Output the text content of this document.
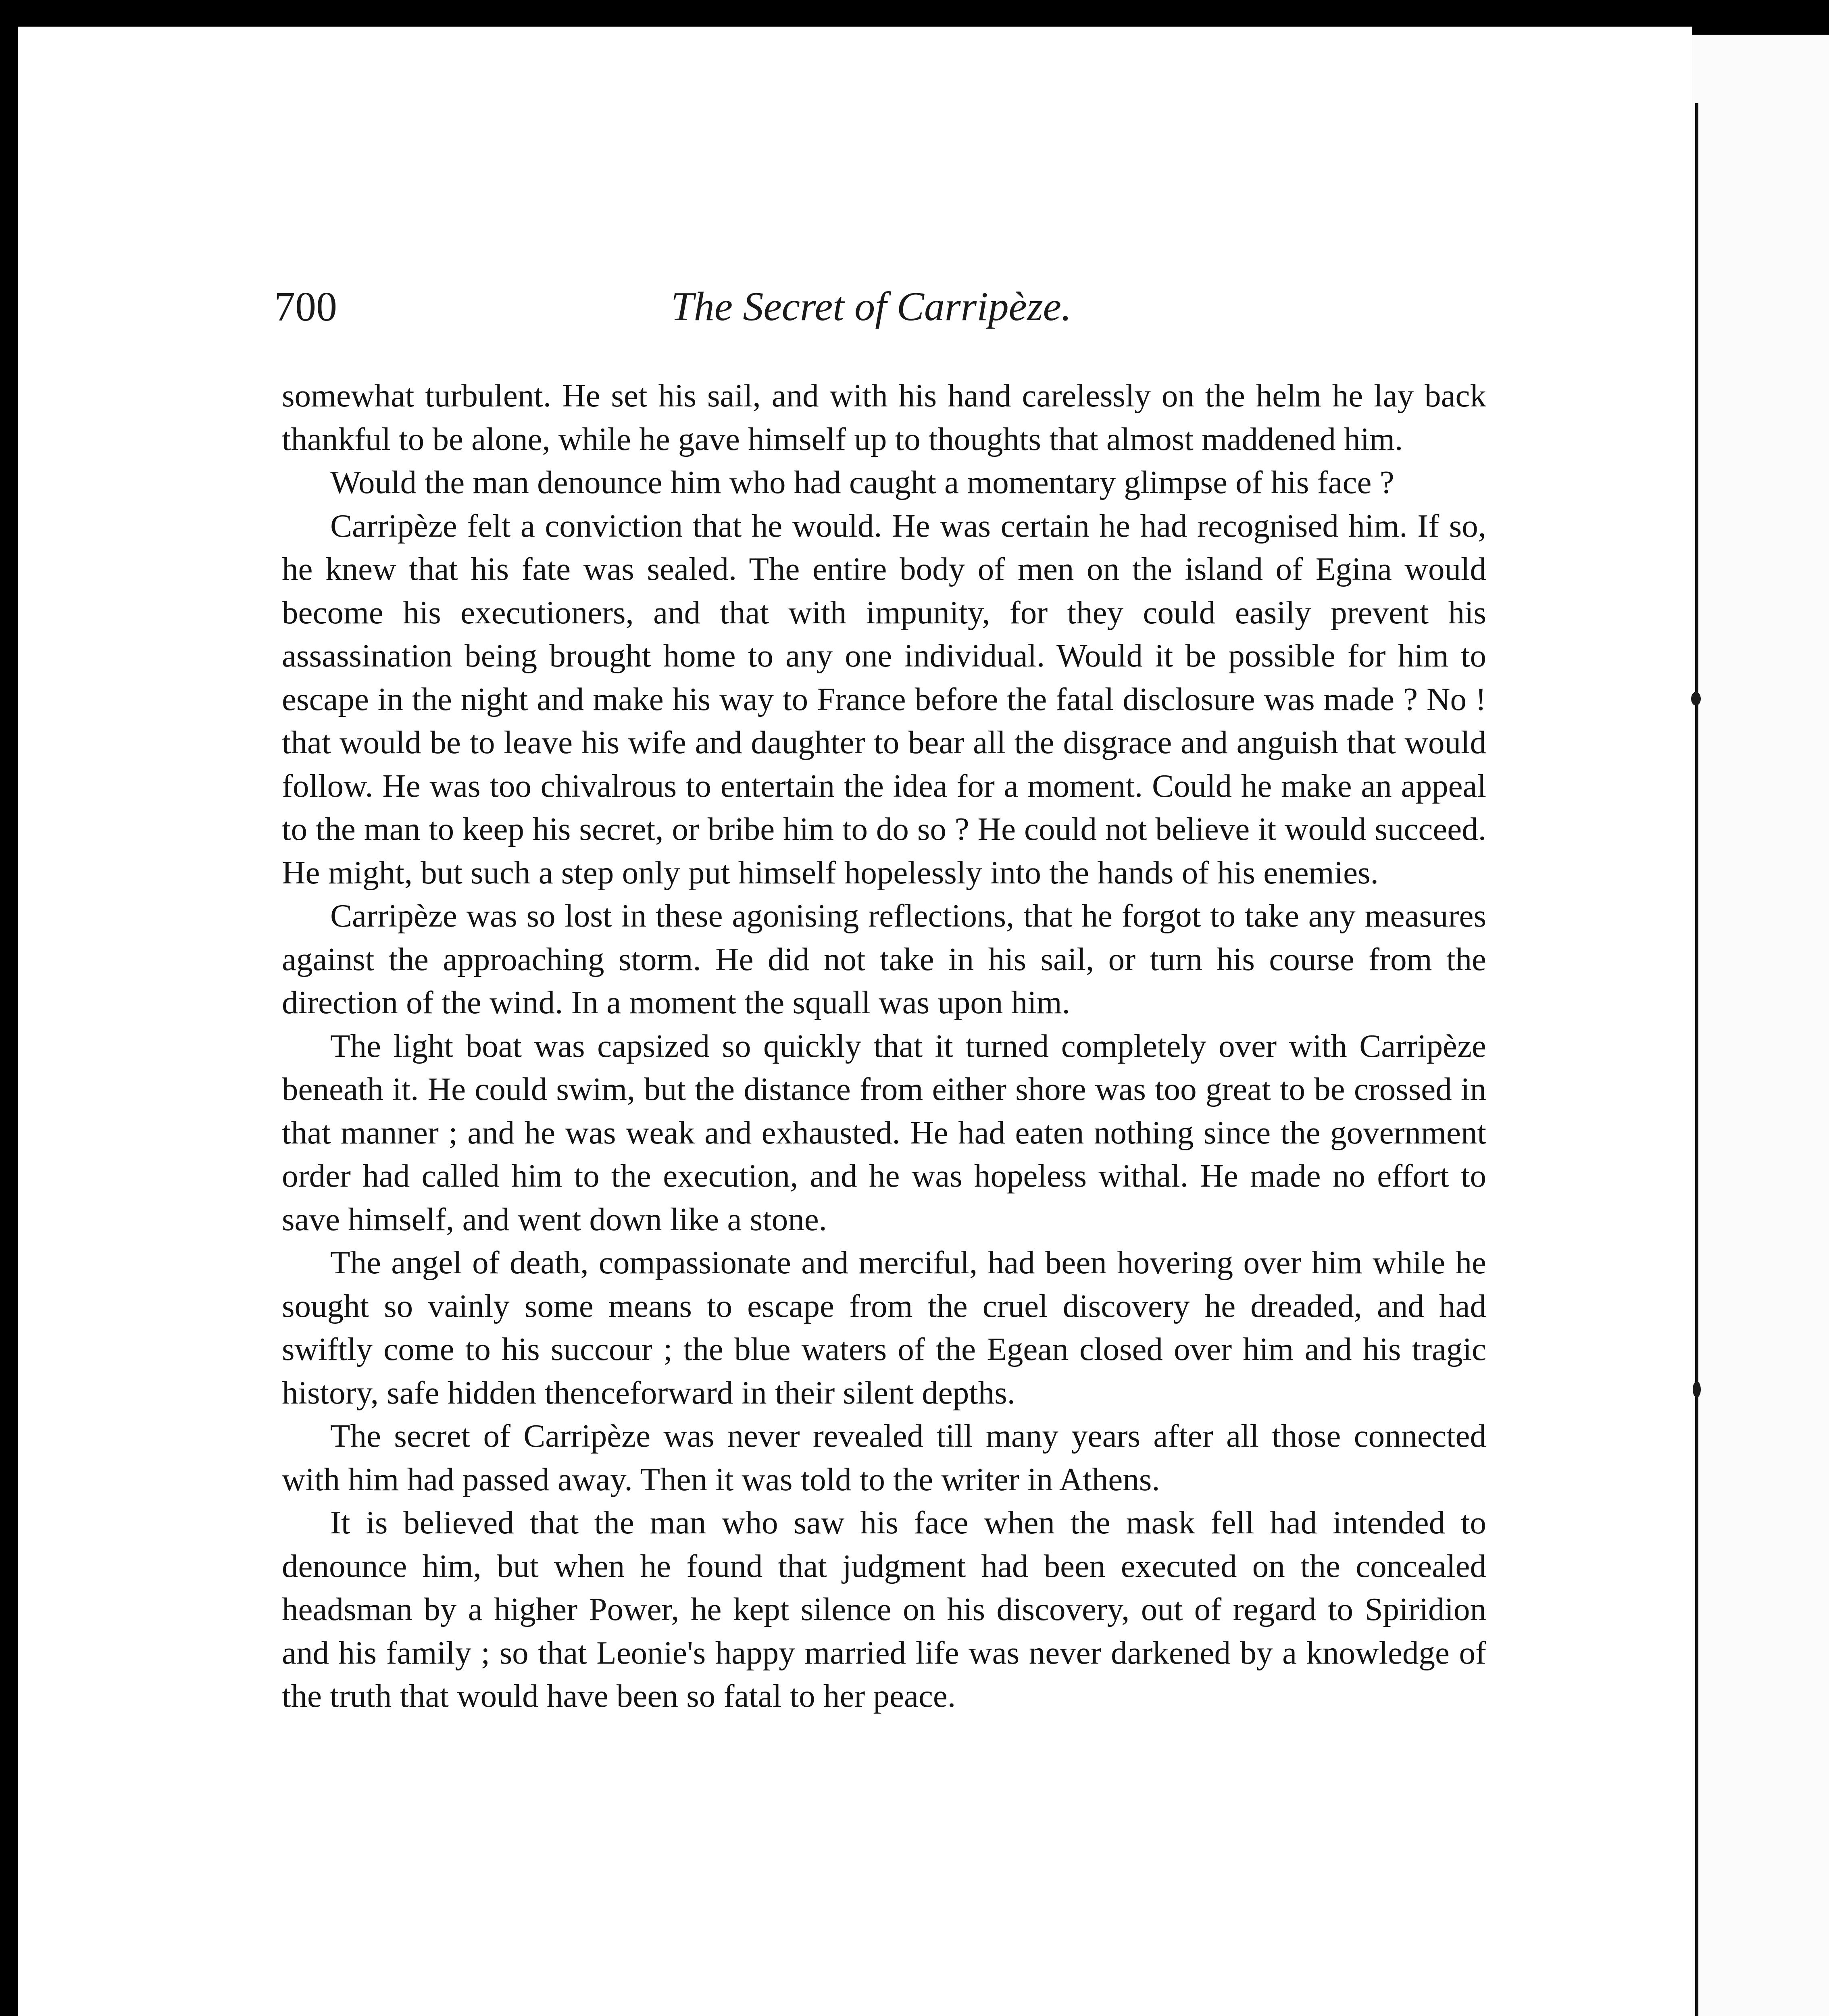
700	The Secret of Carripèze.

somewhat turbulent. He set his sail, and with his hand carelessly on the helm he lay back thankful to be alone, while he gave himself up to thoughts that almost maddened him.

Would the man denounce him who had caught a momentary glimpse of his face ?

Carripèze felt a conviction that he would. He was certain he had recognised him. If so, he knew that his fate was sealed. The entire body of men on the island of Egina would become his executioners, and that with impunity, for they could easily prevent his assassination being brought home to any one individual. Would it be possible for him to escape in the night and make his way to France before the fatal disclosure was made ? No ! that would be to leave his wife and daughter to bear all the disgrace and anguish that would follow. He was too chivalrous to entertain the idea for a moment. Could he make an appeal to the man to keep his secret, or bribe him to do so ? He could not believe it would succeed. He might, but such a step only put himself hopelessly into the hands of his enemies.

Carripèze was so lost in these agonising reflections, that he forgot to take any measures against the approaching storm. He did not take in his sail, or turn his course from the direction of the wind. In a moment the squall was upon him.

The light boat was capsized so quickly that it turned completely over with Carripèze beneath it. He could swim, but the distance from either shore was too great to be crossed in that manner ; and he was weak and exhausted. He had eaten nothing since the government order had called him to the execution, and he was hopeless withal. He made no effort to save himself, and went down like a stone.

The angel of death, compassionate and merciful, had been hovering over him while he sought so vainly some means to escape from the cruel discovery he dreaded, and had swiftly come to his succour ; the blue waters of the Egean closed over him and his tragic history, safe hidden thenceforward in their silent depths.

The secret of Carripèze was never revealed till many years after all those connected with him had passed away. Then it was told to the writer in Athens.

It is believed that the man who saw his face when the mask fell had intended to denounce him, but when he found that judgment had been executed on the concealed headsman by a higher Power, he kept silence on his discovery, out of regard to Spiridion and his family ; so that Leonie's happy married life was never darkened by a knowledge of the truth that would have been so fatal to her peace.
